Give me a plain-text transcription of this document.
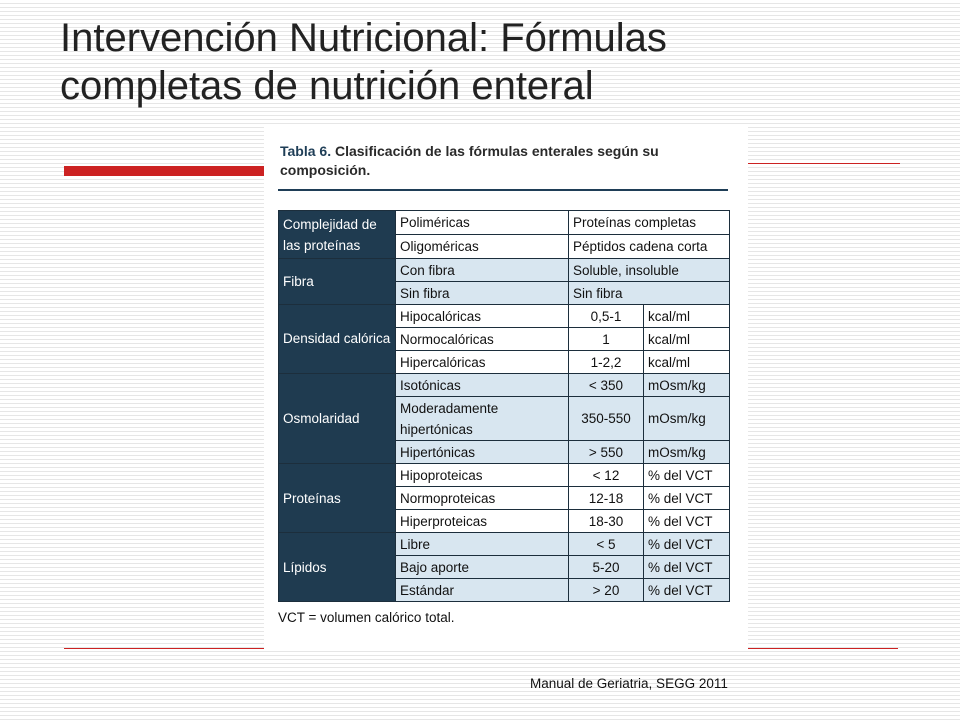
Intervención Nutricional: Fórmulas
completas de nutrición enteral
Tabla 6. Clasificación de las fórmulas enterales según su composición.
Complejidad de las proteínas	Poliméricas	Proteínas completas	
	Oligoméricas	Péptidos cadena corta	
Fibra	Con fibra	Soluble, insoluble	
	Sin fibra	Sin fibra	
Densidad calórica	Hipocalóricas	0,5-1	kcal/ml
	Normocalóricas	1	kcal/ml
	Hipercalóricas	1-2,2	kcal/ml
Osmolaridad	Isotónicas	< 350	mOsm/kg
	Moderadamente hipertónicas	350-550	mOsm/kg
	Hipertónicas	> 550	mOsm/kg
Proteínas	Hipoproteicas	< 12	% del VCT
	Normoproteicas	12-18	% del VCT
	Hiperproteicas	18-30	% del VCT
Lípidos	Libre	< 5	% del VCT
	Bajo aporte	5-20	% del VCT
	Estándar	> 20	% del VCT
VCT = volumen calórico total.
Manual de Geriatria, SEGG 2011
